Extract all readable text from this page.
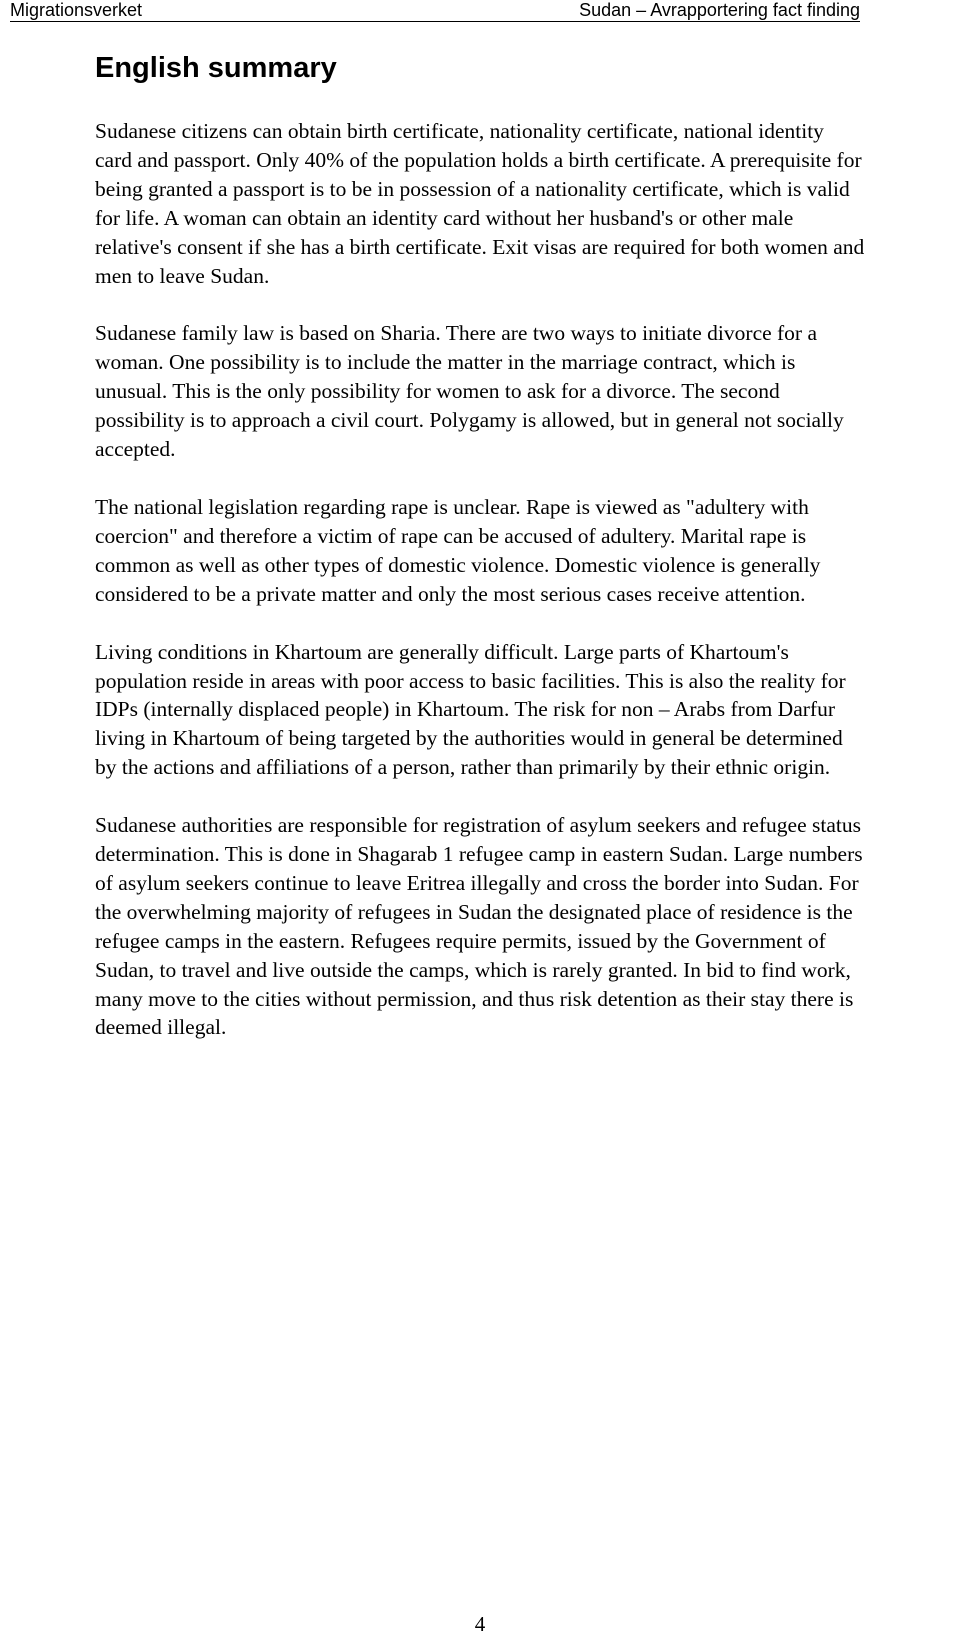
Migrationsverket	Sudan – Avrapportering fact finding
English summary

Sudanese citizens can obtain birth certificate, nationality certificate, national identity card and passport. Only 40% of the population holds a birth certificate. A prerequisite for being granted a passport is to be in possession of a nationality certificate, which is valid for life. A woman can obtain an identity card without her husband's or other male relative's consent if she has a birth certificate. Exit visas are required for both women and men to leave Sudan.

Sudanese family law is based on Sharia. There are two ways to initiate divorce for a woman. One possibility is to include the matter in the marriage contract, which is unusual. This is the only possibility for women to ask for a divorce. The second possibility is to approach a civil court. Polygamy is allowed, but in general not socially accepted.

The national legislation regarding rape is unclear. Rape is viewed as "adultery with coercion" and therefore a victim of rape can be accused of adultery. Marital rape is common as well as other types of domestic violence. Domestic violence is generally considered to be a private matter and only the most serious cases receive attention.

Living conditions in Khartoum are generally difficult. Large parts of Khartoum's population reside in areas with poor access to basic facilities. This is also the reality for IDPs (internally displaced people) in Khartoum. The risk for non – Arabs from Darfur living in Khartoum of being targeted by the authorities would in general be determined by the actions and affiliations of a person, rather than primarily by their ethnic origin.

Sudanese authorities are responsible for registration of asylum seekers and refugee status determination. This is done in Shagarab 1 refugee camp in eastern Sudan. Large numbers of asylum seekers continue to leave Eritrea illegally and cross the border into Sudan. For the overwhelming majority of refugees in Sudan the designated place of residence is the refugee camps in the eastern. Refugees require permits, issued by the Government of Sudan, to travel and live outside the camps, which is rarely granted. In bid to find work, many move to the cities without permission, and thus risk detention as their stay there is deemed illegal.

4
